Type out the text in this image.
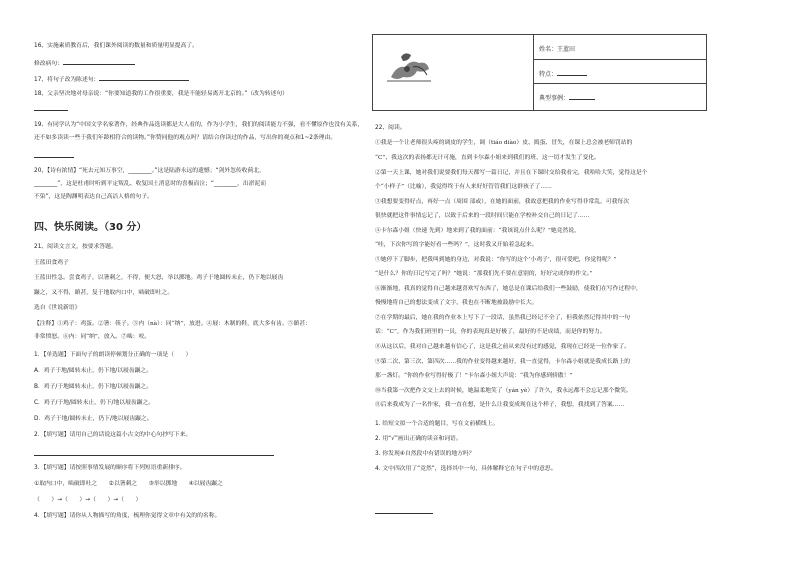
16、实施素质教育后，我们课外阅读的数量和质量明显提高了。
修改病句：
17、将句子改为陈述句：
18、父亲坚决地对母亲说：“你要知道我的工作很重要，我是不能轻易离开北京的。”（改为转述句）
19、有同学认为“中国文学名家著作，经典作品选读都是大人看的，作为小学生，我们的阅读能力不强，看不懂原作也没有关系，
还不如多读读一些于我们年龄相符合的读物。”你赞同他的观点吗？请结合你读过的作品，写出你的观点和1~2条理由。
20、【诗有浓情】“死去元知万事空，________。”这是陆游永远的遗憾；“剑外忽传收蓟北，
________”，这是杜甫时听到平定叛乱、收复国土消息时的喜极而泣；“________，出淤泥而
不染”，这是陶渊明表达自己高洁人格的句子。
四、快乐阅读。（30 分）
21、阅读文言文，按要求答题。
王蓝田食鸡子
王蓝田性急。尝食鸡子，以箸刺之，不得，便大怒，举以掷地。鸡子于地圆转未止，仍下地以屐齿
蹍之，又不得，瞋甚，复于地取内口中，啮破即吐之。
选自《世说新语》
【注释】①鸡子：鸡蛋。②箸：筷子。③内（nà）：同“纳”，放进。④屐：木制的鞋，底大多有齿。⑤瞋甚：
非常愤怒。⑥内：同“纳”，放入。⑦啮：咬。
1．【单选题】下面句子的朗读停顿划分正确的一项是（　　）
A．鸡子于地/圆转未止，仍下地/以屐齿蹍之。
B．鸡子/于地圆转未止，仍下地/以屐齿蹍之。
C．鸡子/于地/圆转未止，仍下/地以屐齿蹍之。
D．鸡子于地/圆转未止，仍下/地以屐齿蹍之。
2．【填写题】请用自己的话说这篇小古文的中心句抄写下来。
3．【填写题】请按照事情发展的顺序将下列短语重新排序。
①取内口中，啮破即吐之　　②以箸刺之　　③举以掷地　　④以屐齿蹍之
（　　）→（　　）→（　　）→（　　）
4．【填写题】请你从人物描写的角度，梳理你觉得文章中有关的的名称。
姓名：王蓝田
特点：
典型事例：
22、阅读。
①我是一个让老师很头疼的调皮的学生，调（tiáo diào）皮、捣蛋、冒失，在课上总会被老师罚站的
“C”，我这次的表扬都无计可施，直到卡尔森小姐来到我们的班，这一切才发生了变化。
②第一天上课，她对我们说要我们每天都写一篇日记，并且在下课时交给我看完，我哈哈大笑，觉得这是个
个“小样子”（比喻），我觉得终于有人来好好管管我们这群孩子了……
③我想要变得好点，再好一点（周围 部或），在她的面前，我故意把我的作业写得非常乱，可我每次
很快就把这件事情忘记了，以致于后来的一段时间只能在学校补交自己的日记了……
④卡尔森小姐（快速 先到）地来到了我的面前：“我该说点什么呢？”她竟然说，
“哇，下次你写的字能好看一些吗？”，这时我又开始着急起来。
⑤她停下了脚步，把我叫到她的身边，对我说：“你写的这个‘小鸡子’，很可爱吧，你觉得呢？”
“是什么？你的日记写完了吗？”她说：“那我们先不要在意别的，好好完成你的作文。”
⑥渐渐地，我真的觉得自己越来越喜欢写东西了，她总是在课后给我们一些鼓励，使我们在写作过程中，
慢慢地将自己的想法变成了文字，我也在不断地被鼓励中长大。
⑦在学期的最后，她在我的作业本上写下了一段话，虽然我已经记不全了，但我依然记得其中的一句
话：“C”，作为我们班里的一员，你的表现真是好极了，最好的不是成绩，而是你的努力。
⑧从这以后，我对自己越来越有信心了，这是我之前从来没有过的感觉，我现在已经是一位作家了。
⑨第二次、第三次、第四次……我的作业变得越来越好，我一直觉得，卡尔森小姐就是我成长路上的
那一盏灯。“你的作业写得好极了！”卡尔森小姐大声说：“我为你感到骄傲！”
⑩当我第一次把作文交上去的时候，她温柔地笑了（yán yè）了许久，我永远都不会忘记那个微笑。
⑪后来我成为了一名作家，我一直在想，是什么让我变成现在这个样子，我想，我找到了答案……
1. 给短文拟一个合适的题目，写在文前横线上。
2. 用“√”画出正确的读音和词语。
3. 你发现④自然段中有错误的地方吗？
4. 文中四次用了“竟然”，选择其中一句，具体解释它在句子中的意思。
